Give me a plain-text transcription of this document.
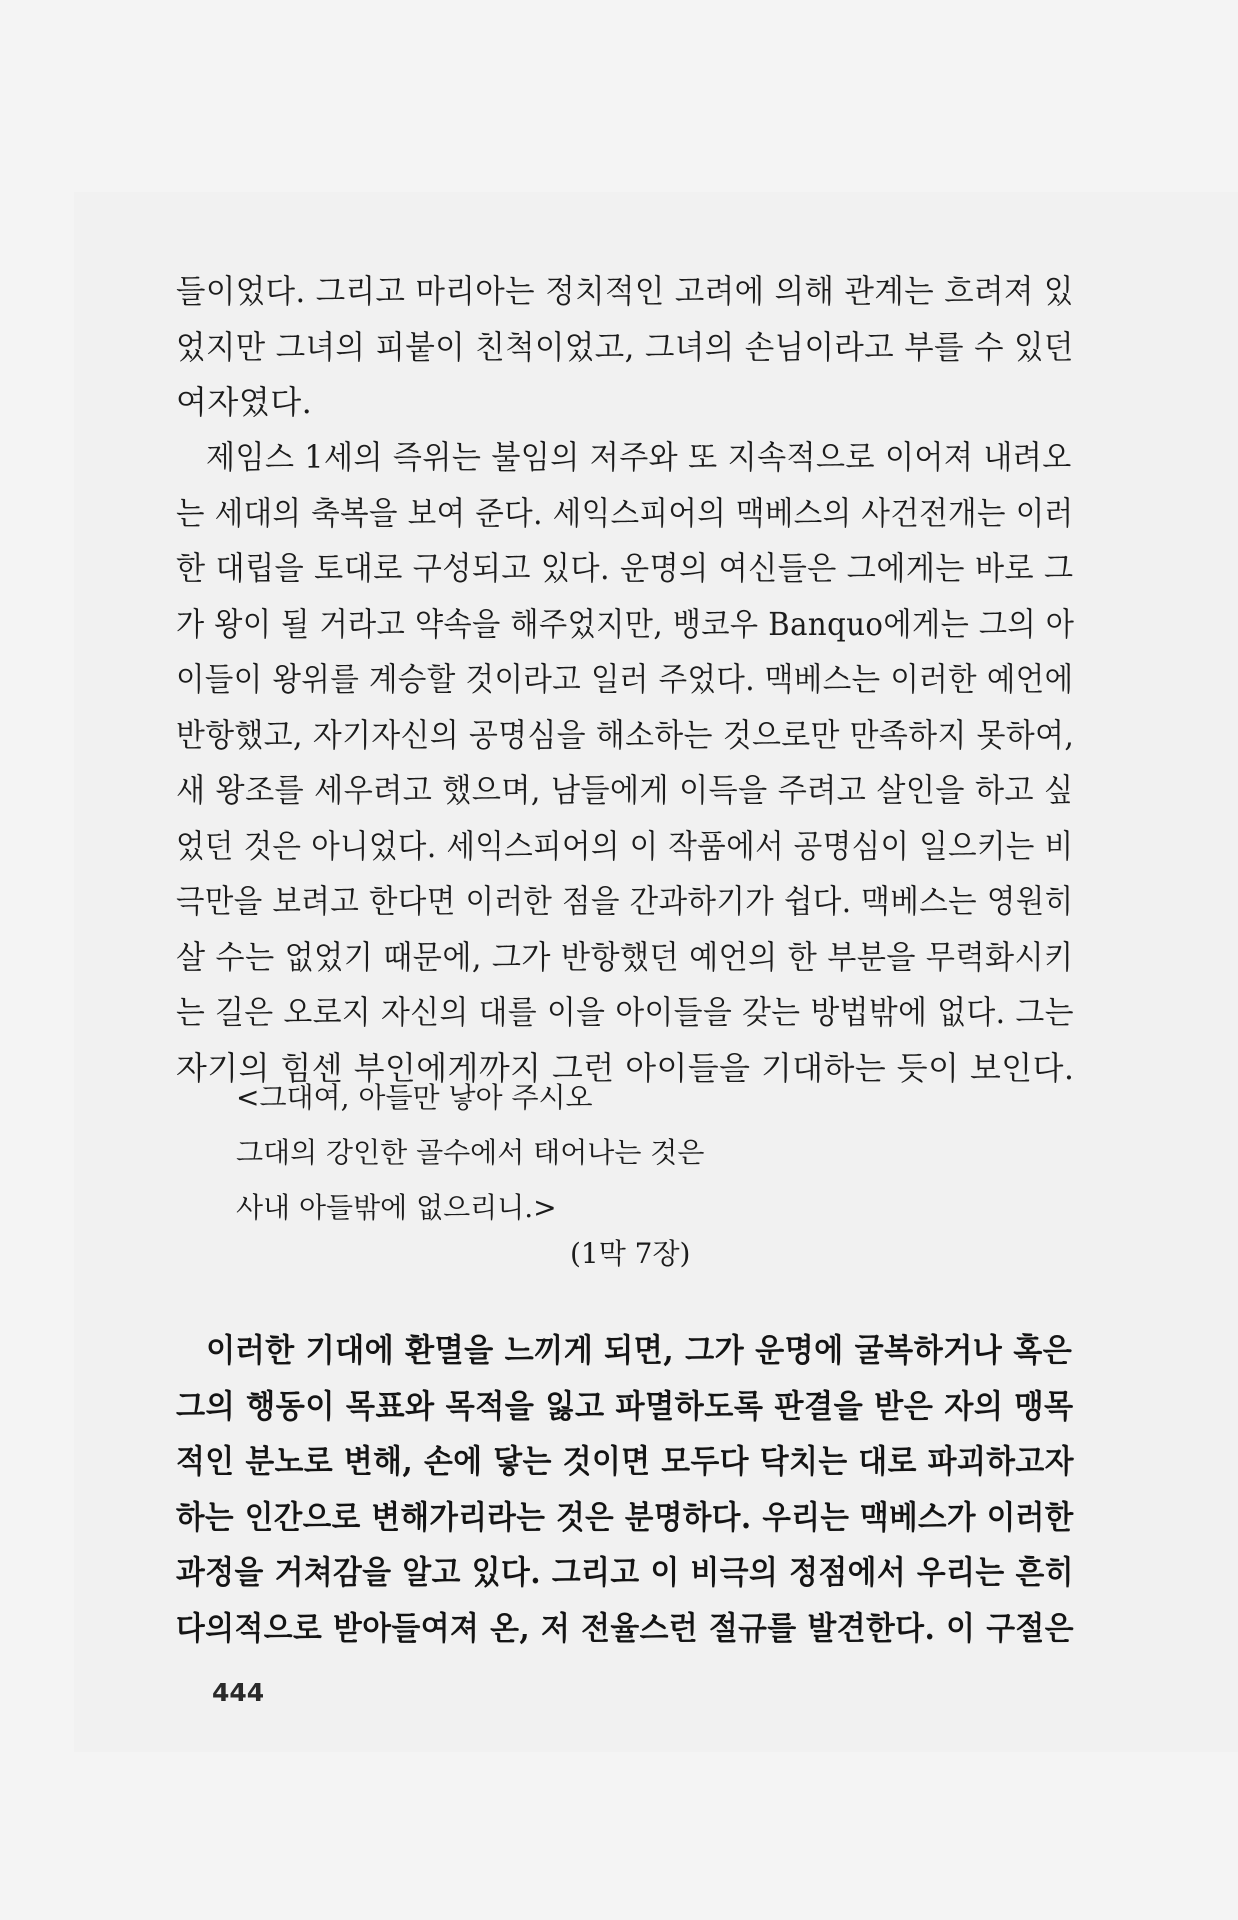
들이었다. 그리고 마리아는 정치적인 고려에 의해 관계는 흐려져 있
었지만 그녀의 피붙이 친척이었고, 그녀의 손님이라고 부를 수 있던
여자였다.
제임스 1세의 즉위는 불임의 저주와 또 지속적으로 이어져 내려오
는 세대의 축복을 보여 준다. 세익스피어의 맥베스의 사건전개는 이러
한 대립을 토대로 구성되고 있다. 운명의 여신들은 그에게는 바로 그
가 왕이 될 거라고 약속을 해주었지만, 뱅코우 Banquo에게는 그의 아
이들이 왕위를 계승할 것이라고 일러 주었다. 맥베스는 이러한 예언에
반항했고, 자기자신의 공명심을 해소하는 것으로만 만족하지 못하여,
새 왕조를 세우려고 했으며, 남들에게 이득을 주려고 살인을 하고 싶
었던 것은 아니었다. 세익스피어의 이 작품에서 공명심이 일으키는 비
극만을 보려고 한다면 이러한 점을 간과하기가 쉽다. 맥베스는 영원히
살 수는 없었기 때문에, 그가 반항했던 예언의 한 부분을 무력화시키
는 길은 오로지 자신의 대를 이을 아이들을 갖는 방법밖에 없다. 그는
자기의 힘센 부인에게까지 그런 아이들을 기대하는 듯이 보인다.
<그대여, 아들만 낳아 주시오
그대의 강인한 골수에서 태어나는 것은
사내 아들밖에 없으리니.>
(1막 7장)
이러한 기대에 환멸을 느끼게 되면, 그가 운명에 굴복하거나 혹은
그의 행동이 목표와 목적을 잃고 파멸하도록 판결을 받은 자의 맹목
적인 분노로 변해, 손에 닿는 것이면 모두다 닥치는 대로 파괴하고자
하는 인간으로 변해가리라는 것은 분명하다. 우리는 맥베스가 이러한
과정을 거쳐감을 알고 있다. 그리고 이 비극의 정점에서 우리는 흔히
다의적으로 받아들여져 온, 저 전율스런 절규를 발견한다. 이 구절은
444
